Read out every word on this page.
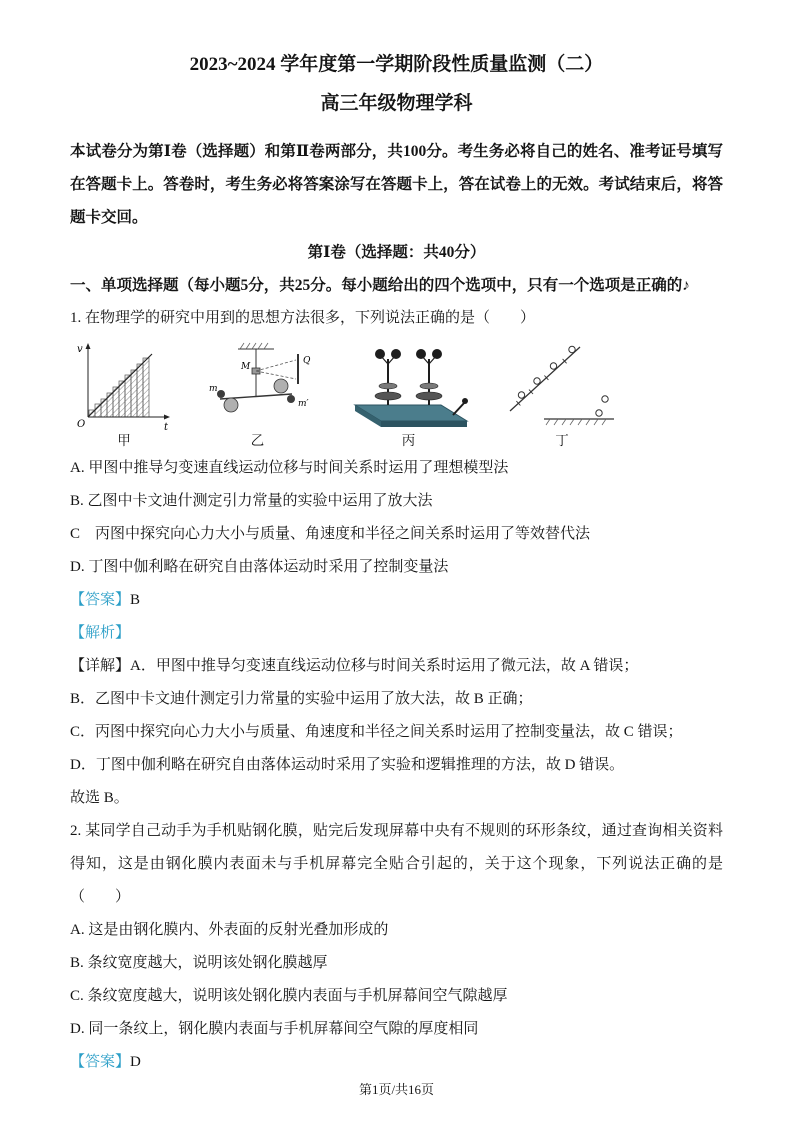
2023~2024 学年度第一学期阶段性质量监测（二）
高三年级物理学科

本试卷分为第Ⅰ卷（选择题）和第Ⅱ卷两部分，共100分。考生务必将自己的姓名、准考证号填写在答题卡上。答卷时，考生务必将答案涂写在答题卡上，答在试卷上的无效。考试结束后，将答题卡交回。

第Ⅰ卷（选择题：共40分）

一、单项选择题（每小题5分，共25分。每小题给出的四个选项中，只有一个选项是正确的♪

1. 在物理学的研究中用到的思想方法很多，下列说法正确的是（　　）

v
O	t
甲
M
Q
m
m′
乙	丙	丁

A. 甲图中推导匀变速直线运动位移与时间关系时运用了理想模型法

B. 乙图中卡文迪什测定引力常量的实验中运用了放大法

C　丙图中探究向心力大小与质量、角速度和半径之间关系时运用了等效替代法

D. 丁图中伽利略在研究自由落体运动时采用了控制变量法

【答案】B

【解析】

【详解】A．甲图中推导匀变速直线运动位移与时间关系时运用了微元法，故 A 错误；

B．乙图中卡文迪什测定引力常量的实验中运用了放大法，故 B 正确；

C．丙图中探究向心力大小与质量、角速度和半径之间关系时运用了控制变量法，故 C 错误；

D．丁图中伽利略在研究自由落体运动时采用了实验和逻辑推理的方法，故 D 错误。

故选 B。

2. 某同学自己动手为手机贴钢化膜，贴完后发现屏幕中央有不规则的环形条纹，通过查询相关资料得知，这是由钢化膜内表面未与手机屏幕完全贴合引起的，关于这个现象，下列说法正确的是（　　）

A. 这是由钢化膜内、外表面的反射光叠加形成的

B. 条纹宽度越大，说明该处钢化膜越厚

C. 条纹宽度越大，说明该处钢化膜内表面与手机屏幕间空气隙越厚

D. 同一条纹上，钢化膜内表面与手机屏幕间空气隙的厚度相同

【答案】D

第1页/共16页
